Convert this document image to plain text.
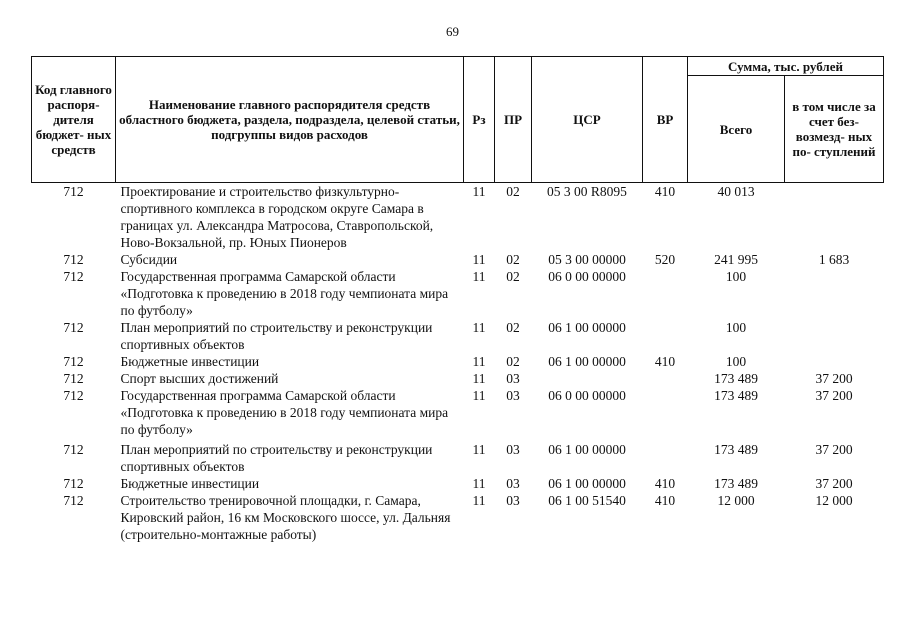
69
Код главного распоря- дителя бюджет- ных средств	Наименование главного распорядителя средств областного бюджета, раздела, подраздела, целевой статьи, подгруппы видов расходов	Рз	ПР	ЦСР	ВР	Сумма, тыс. рублей	
						Всего	в том числе за счет без- возмезд- ных по- ступлений
712	Проектирование и строительство физкультурно-спортивного комплекса в городском округе Самара в границах ул. Александра Матросова, Ставропольской, Ново-Вокзальной, пр. Юных Пионеров	11	02	05 3 00 R8095	410	40 013	
712	Субсидии	11	02	05 3 00 00000	520	241 995	1 683
712	Государственная программа Самарской области «Подготовка к проведению в 2018 году чемпионата мира по футболу»	11	02	06 0 00 00000		100	
712	План мероприятий по строительству и реконструкции спортивных объектов	11	02	06 1 00 00000		100	
712	Бюджетные инвестиции	11	02	06 1 00 00000	410	100	
712	Спорт высших достижений	11	03			173 489	37 200
712	Государственная программа Самарской области «Подготовка к проведению в 2018 году чемпионата мира по футболу»	11	03	06 0 00 00000		173 489	37 200
712	План мероприятий по строительству и реконструкции спортивных объектов	11	03	06 1 00 00000		173 489	37 200
712	Бюджетные инвестиции	11	03	06 1 00 00000	410	173 489	37 200
712	Строительство тренировочной площадки, г. Самара, Кировский район, 16 км Московского шоссе, ул. Дальняя (строительно-монтажные работы)	11	03	06 1 00 51540	410	12 000	12 000
